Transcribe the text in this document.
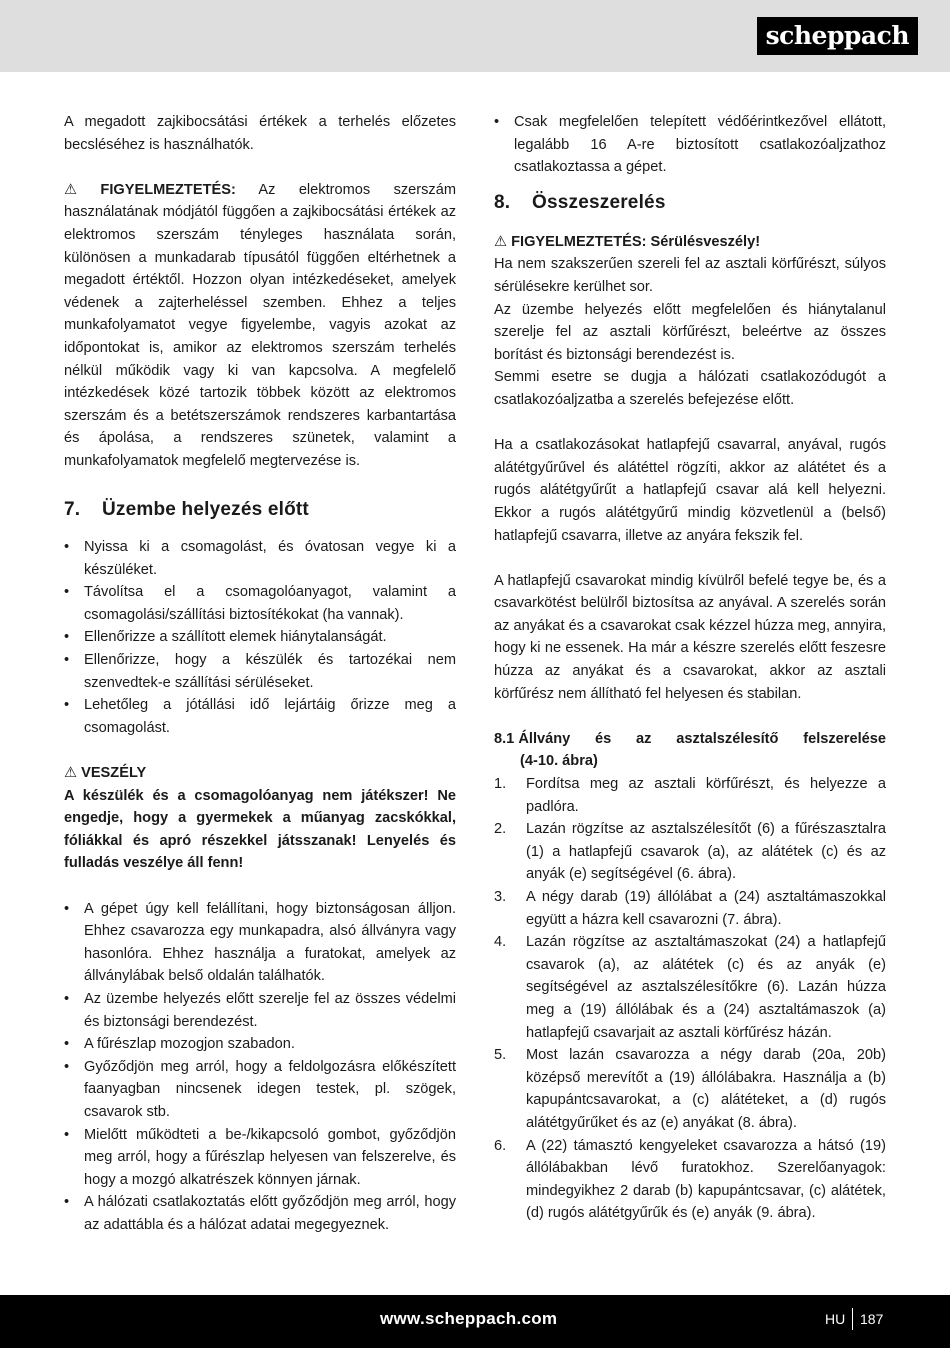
scheppach

A megadott zajkibocsátási értékek a terhelés előzetes becsléséhez is használhatók.

⚠ FIGYELMEZTETÉS: Az elektromos szerszám használatának módjától függően a zajkibocsátási értékek az elektromos szerszám tényleges használata során, különösen a munkadarab típusától függően eltérhetnek a megadott értéktől. Hozzon olyan intézkedéseket, amelyek védenek a zajterheléssel szemben. Ehhez a teljes munkafolyamatot vegye figyelembe, vagyis azokat az időpontokat is, amikor az elektromos szerszám terhelés nélkül működik vagy ki van kapcsolva. A megfelelő intézkedések közé tartozik többek között az elektromos szerszám és a betétszerszámok rendszeres karbantartása és ápolása, a rendszeres szünetek, valamint a munkafolyamatok megfelelő megtervezése is.

7. Üzembe helyezés előtt
• Nyissa ki a csomagolást, és óvatosan vegye ki a készüléket.
• Távolítsa el a csomagolóanyagot, valamint a csomagolási/szállítási biztosítékokat (ha vannak).
• Ellenőrizze a szállított elemek hiánytalanságát.
• Ellenőrizze, hogy a készülék és tartozékai nem szenvedtek-e szállítási sérüléseket.
• Lehetőleg a jótállási idő lejártáig őrizze meg a csomagolást.

⚠ VESZÉLY

A készülék és a csomagolóanyag nem játékszer! Ne engedje, hogy a gyermekek a műanyag zacskókkal, fóliákkal és apró részekkel játsszanak! Lenyelés és fulladás veszélye áll fenn!

• A gépet úgy kell felállítani, hogy biztonságosan álljon. Ehhez csavarozza egy munkapadra, alsó állványra vagy hasonlóra. Ehhez használja a furatokat, amelyek az állványlábak belső oldalán találhatók.
• Az üzembe helyezés előtt szerelje fel az összes védelmi és biztonsági berendezést.
• A fűrészlap mozogjon szabadon.
• Győződjön meg arról, hogy a feldolgozásra előkészített faanyagban nincsenek idegen testek, pl. szögek, csavarok stb.
• Mielőtt működteti a be-/kikapcsoló gombot, győződjön meg arról, hogy a fűrészlap helyesen van felszerelve, és hogy a mozgó alkatrészek könnyen járnak.
• A hálózati csatlakoztatás előtt győződjön meg arról, hogy az adattábla és a hálózat adatai megegyeznek.
• Csak megfelelően telepített védőérintkezővel ellátott, legalább 16 A-re biztosított csatlakozóaljzathoz csatlakoztassa a gépet.
8. Összeszerelés

⚠ FIGYELMEZTETÉS: Sérülésveszély!

Ha nem szakszerűen szereli fel az asztali körfűrészt, súlyos sérülésekre kerülhet sor.

Az üzembe helyezés előtt megfelelően és hiánytalanul szerelje fel az asztali körfűrészt, beleértve az összes borítást és biztonsági berendezést is.

Semmi esetre se dugja a hálózati csatlakozódugót a csatlakozóaljzatba a szerelés befejezése előtt.

Ha a csatlakozásokat hatlapfejű csavarral, anyával, rugós alátétgyűrűvel és alátéttel rögzíti, akkor az alátétet és a rugós alátétgyűrűt a hatlapfejű csavar alá kell helyezni. Ekkor a rugós alátétgyűrű mindig közvetlenül a (belső) hatlapfejű csavarra, illetve az anyára fekszik fel.

A hatlapfejű csavarokat mindig kívülről befelé tegye be, és a csavarkötést belülről biztosítsa az anyával. A szerelés során az anyákat és a csavarokat csak kézzel húzza meg, annyira, hogy ki ne essenek. Ha már a készre szerelés előtt feszesre húzza az anyákat és a csavarokat, akkor az asztali körfűrész nem állítható fel helyesen és stabilan.

8.1 Állvány és az asztalszélesítő felszerelése
(4-10. ábra)
1. Fordítsa meg az asztali körfűrészt, és helyezze a padlóra.
2. Lazán rögzítse az asztalszélesítőt (6) a fűrészasztalra (1) a hatlapfejű csavarok (a), az alátétek (c) és az anyák (e) segítségével (6. ábra).
3. A négy darab (19) állólábat a (24) asztaltámaszokkal együtt a házra kell csavarozni (7. ábra).
4. Lazán rögzítse az asztaltámaszokat (24) a hatlapfejű csavarok (a), az alátétek (c) és az anyák (e) segítségével az asztalszélesítőkre (6). Lazán húzza meg a (19) állólábak és a (24) asztaltámaszok (a) hatlapfejű csavarjait az asztali körfűrész házán.
5. Most lazán csavarozza a négy darab (20a, 20b) középső merevítőt a (19) állólábakra. Használja a (b) kapupántcsavarokat, a (c) alátéteket, a (d) rugós alátétgyűrűket és az (e) anyákat (8. ábra).
6. A (22) támasztó kengyeleket csavarozza a hátsó (19) állólábakban lévő furatokhoz. Szerelőanyagok: mindegyikhez 2 darab (b) kapupántcsavar, (c) alátétek, (d) rugós alátétgyűrűk és (e) anyák (9. ábra).
www.scheppach.com	HU 187
